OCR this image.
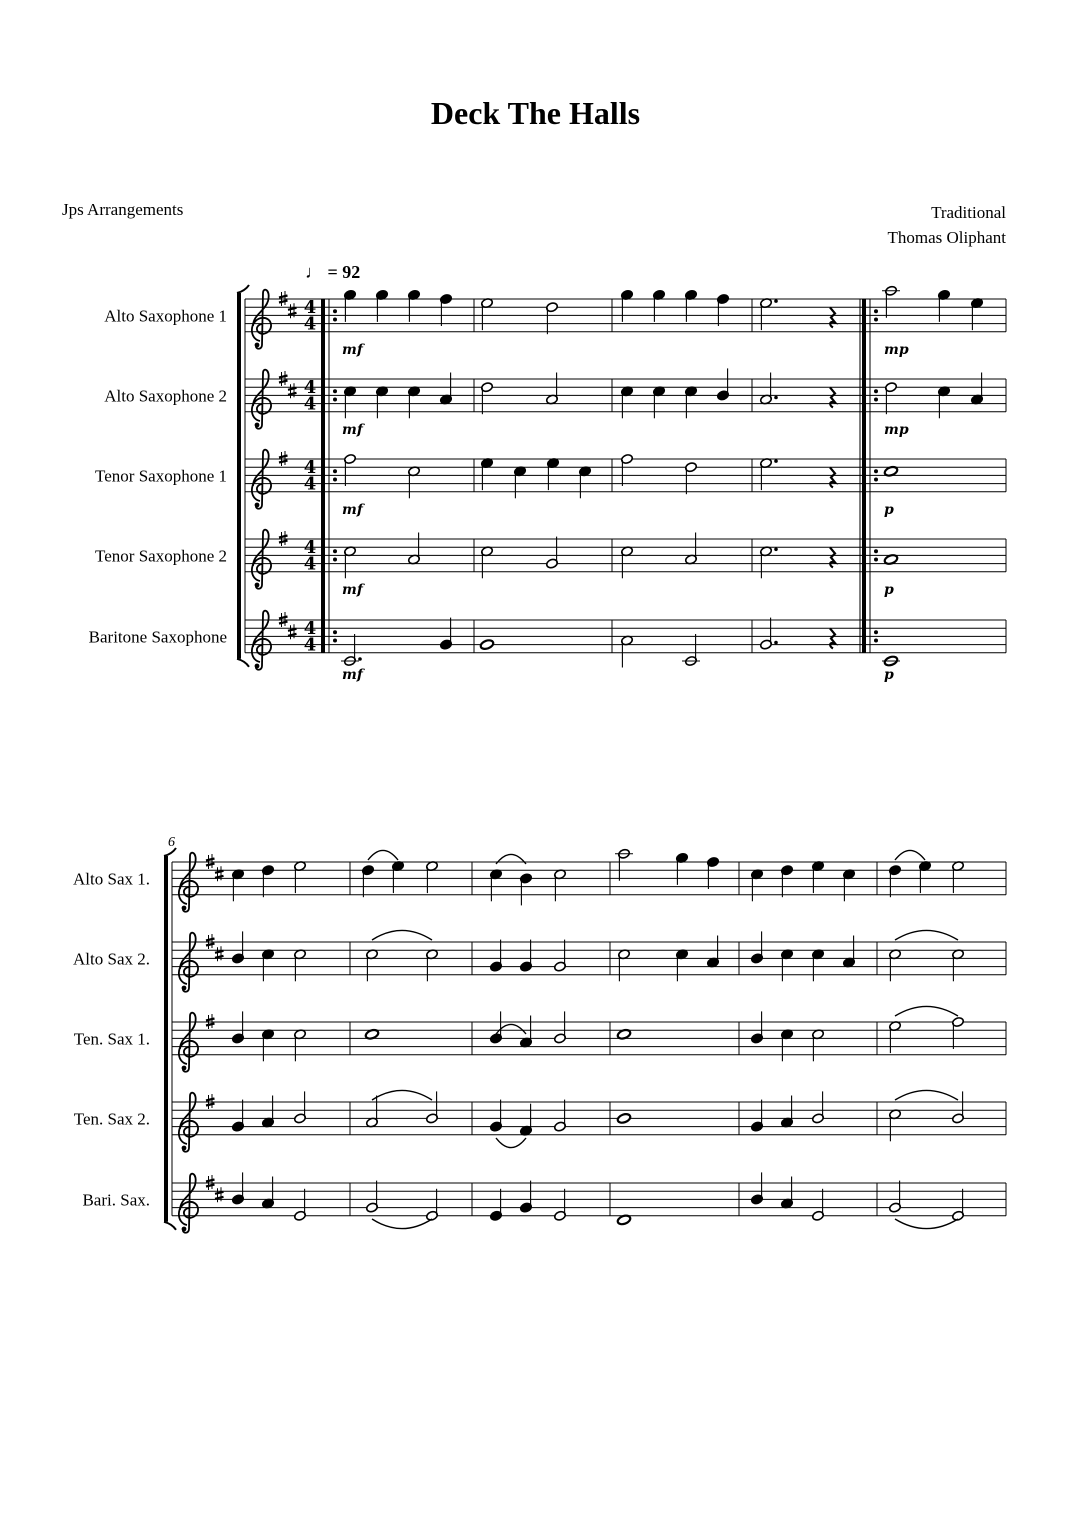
Deck The Halls
Jps Arrangements	Traditional
Thomas Oliphant
♩ = 92
Alto Saxophone 1
Alto Saxophone 2
Tenor Saxophone 1
Tenor Saxophone 2
Baritone Saxophone
4
4
4
4
4
4
4
4
4
4
mf	mp
mf	mp
mf	p
mf	p
mf	p
Alto Sax 1.
Alto Sax 2.
Ten. Sax 1.
Ten. Sax 2.
Bari. Sax.
6
